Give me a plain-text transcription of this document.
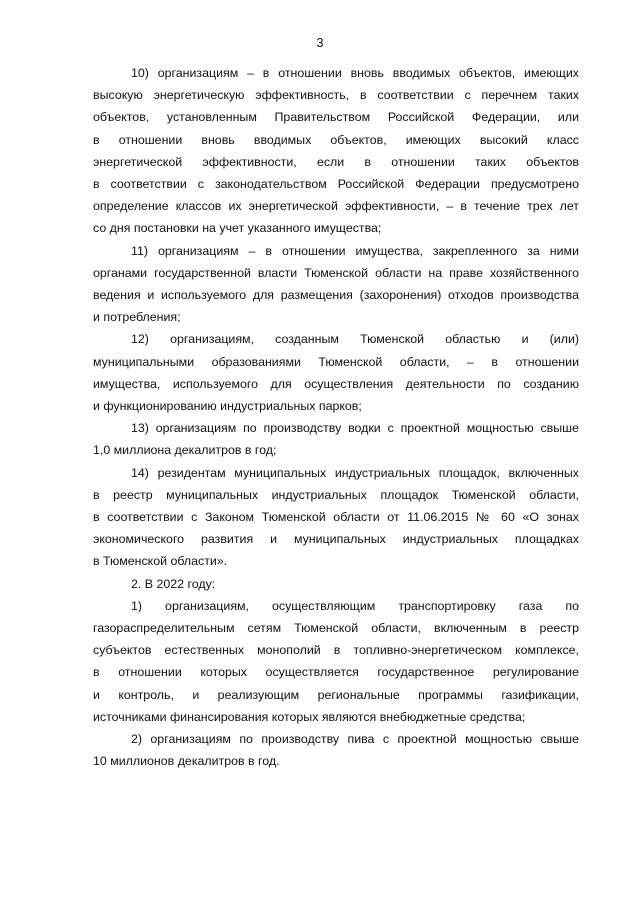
3
10) организациям – в отношении вновь вводимых объектов, имеющих
высокую энергетическую эффективность, в соответствии с перечнем таких
объектов, установленным Правительством Российской Федерации, или
в отношении вновь вводимых объектов, имеющих высокий класс
энергетической эффективности, если в отношении таких объектов
в соответствии с законодательством Российской Федерации предусмотрено
определение классов их энергетической эффективности, – в течение трех лет
со дня постановки на учет указанного имущества;
11) организациям – в отношении имущества, закрепленного за ними
органами государственной власти Тюменской области на праве хозяйственного
ведения и используемого для размещения (захоронения) отходов производства
и потребления;
12) организациям, созданным Тюменской областью и (или)
муниципальными образованиями Тюменской области, – в отношении
имущества, используемого для осуществления деятельности по созданию
и функционированию индустриальных парков;
13) организациям по производству водки с проектной мощностью свыше
1,0 миллиона декалитров в год;
14) резидентам муниципальных индустриальных площадок, включенных
в реестр муниципальных индустриальных площадок Тюменской области,
в соответствии с Законом Тюменской области от 11.06.2015 № 60 «О зонах
экономического развития и муниципальных индустриальных площадках
в Тюменской области».
2. В 2022 году:
1) организациям, осуществляющим транспортировку газа по
газораспределительным сетям Тюменской области, включенным в реестр
субъектов естественных монополий в топливно-энергетическом комплексе,
в отношении которых осуществляется государственное регулирование
и контроль, и реализующим региональные программы газификации,
источниками финансирования которых являются внебюджетные средства;
2) организациям по производству пива с проектной мощностью свыше
10 миллионов декалитров в год.
